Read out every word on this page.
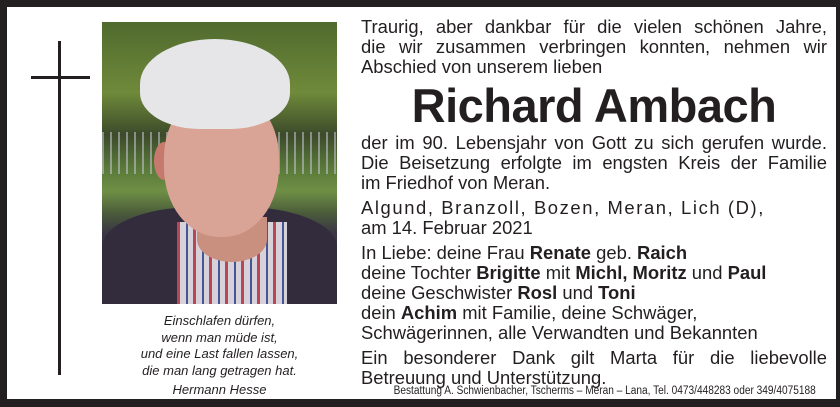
Einschlafen dürfen,
wenn man müde ist,
und eine Last fallen lassen,
die man lang getragen hat.
Hermann Hesse
Traurig, aber dankbar für die vielen schönen Jahre,
die wir zusammen verbringen konnten, nehmen wir
Abschied von unserem lieben
Richard Ambach
der im 90. Lebensjahr von Gott zu sich gerufen wurde.
Die Beisetzung erfolgte im engsten Kreis der Familie
im Friedhof von Meran.
Algund, Branzoll, Bozen, Meran, Lich (D),
am 14. Februar 2021
In Liebe: deine Frau Renate geb. Raich
deine Tochter Brigitte mit Michl, Moritz und Paul
deine Geschwister Rosl und Toni
dein Achim mit Familie, deine Schwäger,
Schwägerinnen, alle Verwandten und Bekannten
Ein besonderer Dank gilt Marta für die liebevolle
Betreuung und Unterstützung.
Bestattung A. Schwienbacher, Tscherms – Meran – Lana, Tel. 0473/448283 oder 349/4075188
